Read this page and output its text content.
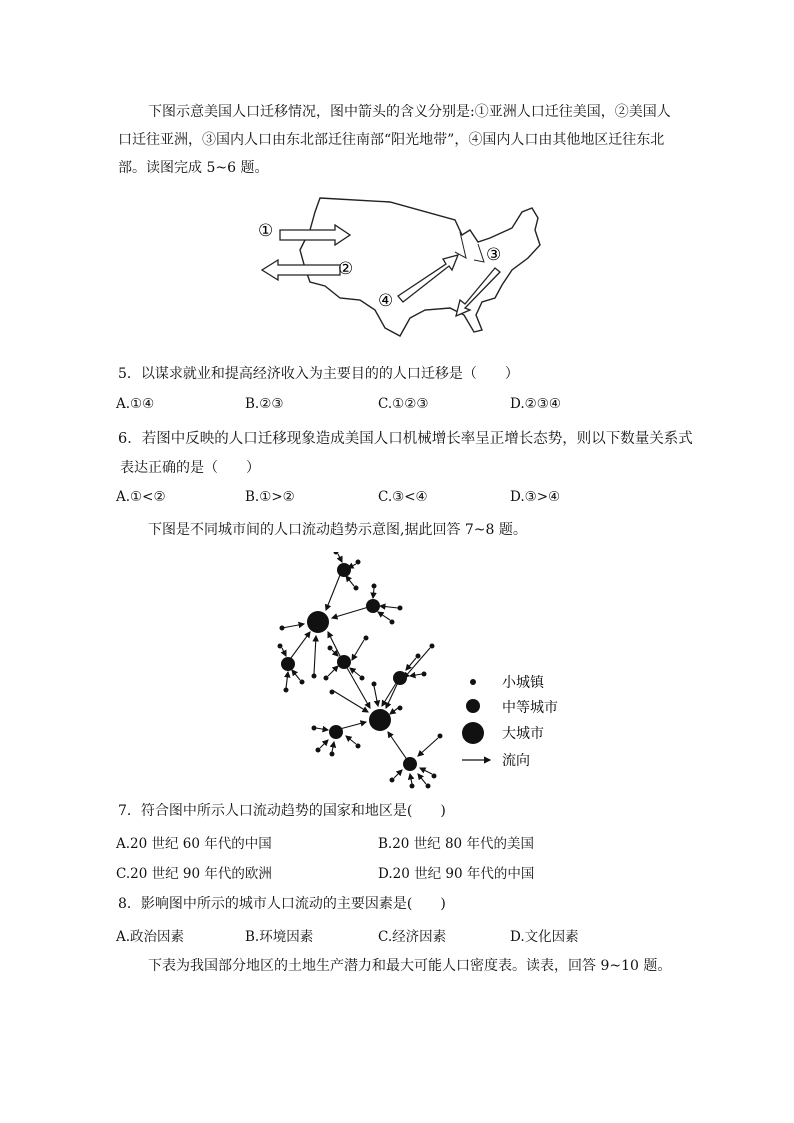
下图示意美国人口迁移情况，图中箭头的含义分别是:①亚洲人口迁往美国，②美国人口迁往亚洲，③国内人口由东北部迁往南部“阳光地带”，④国内人口由其他地区迁往东北部。读图完成 5~6 题。
①
②
③
④
5．以谋求就业和提高经济收入为主要目的的人口迁移是（　　）
A.①④	B.②③	C.①②③	D.②③④
6．若图中反映的人口迁移现象造成美国人口机械增长率呈正增长态势，则以下数量关系式
表达正确的是（　　）
A.①<②	B.①>②	C.③<④	D.③>④
下图是不同城市间的人口流动趋势示意图,据此回答 7~8 题。
小城镇
中等城市
大城市
流向
7．符合图中所示人口流动趋势的国家和地区是(　　)
A.20 世纪 60 年代的中国	B.20 世纪 80 年代的美国
C.20 世纪 90 年代的欧洲	D.20 世纪 90 年代的中国
8．影响图中所示的城市人口流动的主要因素是(　　)
A.政治因素	B.环境因素	C.经济因素	D.文化因素
下表为我国部分地区的土地生产潜力和最大可能人口密度表。读表，回答 9~10 题。
